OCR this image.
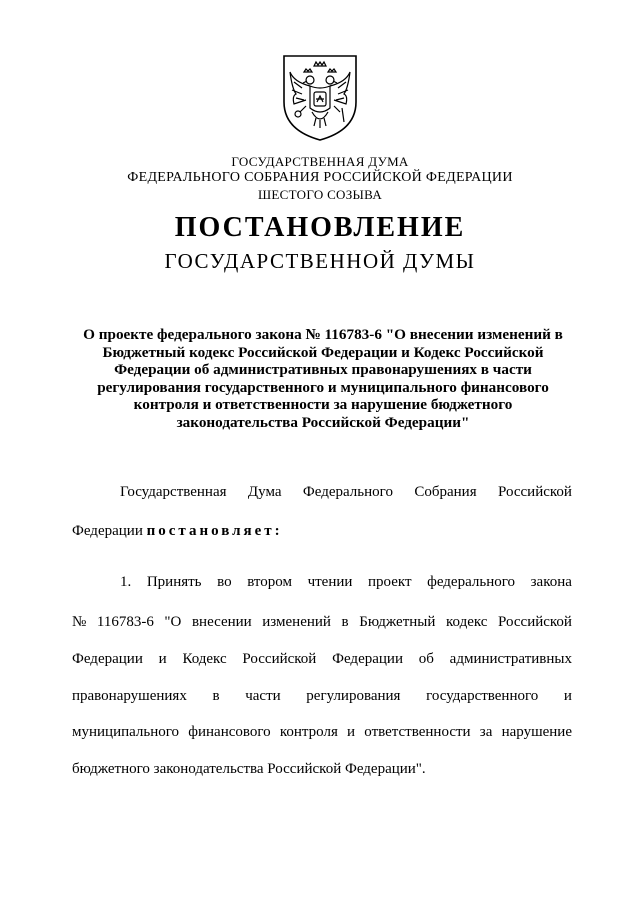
ГОСУДАРСТВЕННАЯ ДУМА
ФЕДЕРАЛЬНОГО СОБРАНИЯ РОССИЙСКОЙ ФЕДЕРАЦИИ
ШЕСТОГО СОЗЫВА
ПОСТАНОВЛЕНИЕ
ГОСУДАРСТВЕННОЙ ДУМЫ
О проекте федерального закона № 116783-6 "О внесении изменений в
Бюджетный кодекс Российской Федерации и Кодекс Российской
Федерации об административных правонарушениях в части
регулирования государственного и муниципального финансового
контроля и ответственности за нарушение бюджетного
законодательства Российской Федерации"
Государственная Дума Федерального Собрания Российской
Федерации постановляет:
1. Принять во втором чтении проект федерального закона
№ 116783-6 "О внесении изменений в Бюджетный кодекс Российской
Федерации и Кодекс Российской Федерации об административных
правонарушениях в части регулирования государственного и
муниципального финансового контроля и ответственности за нарушение
бюджетного законодательства Российской Федерации".
